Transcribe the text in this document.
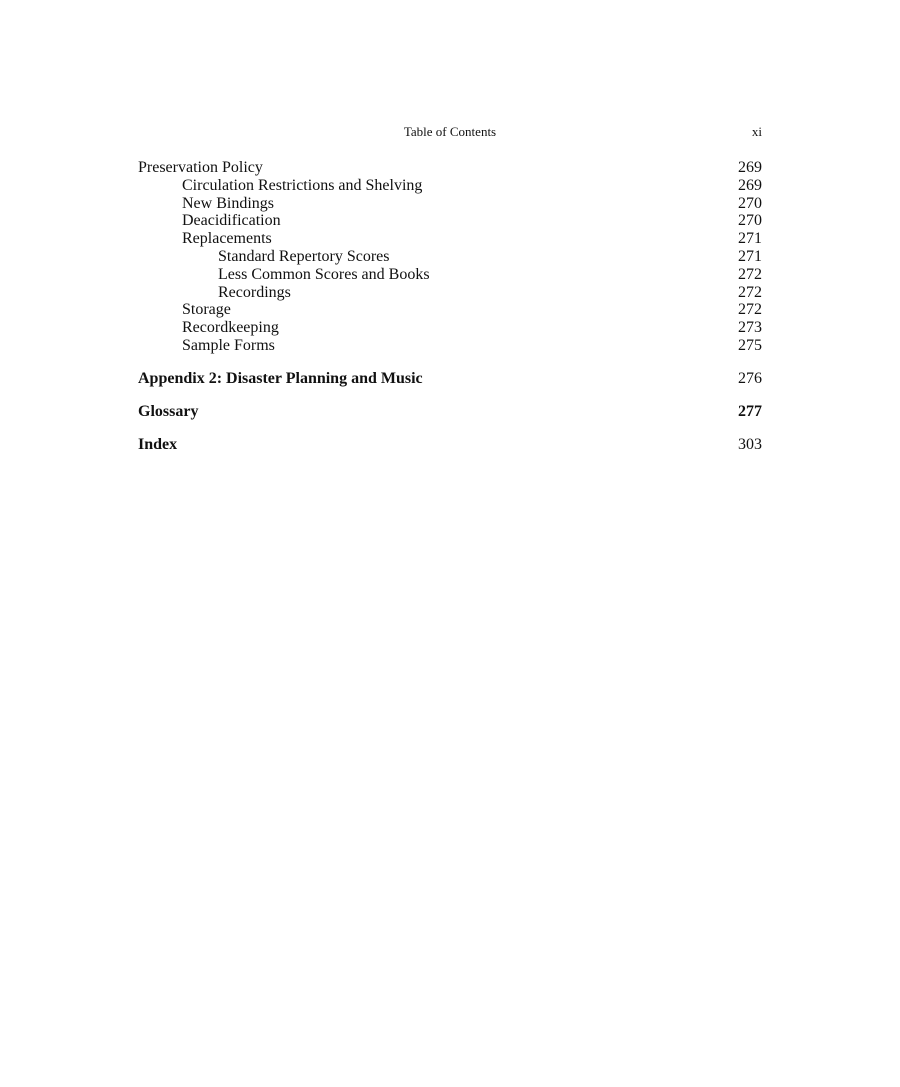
Table of Contents	xi
Preservation Policy	269
Circulation Restrictions and Shelving	269
New Bindings	270
Deacidification	270
Replacements	271
Standard Repertory Scores	271
Less Common Scores and Books	272
Recordings	272
Storage	272
Recordkeeping	273
Sample Forms	275
Appendix 2: Disaster Planning and Music	276
Glossary	277
Index	303
